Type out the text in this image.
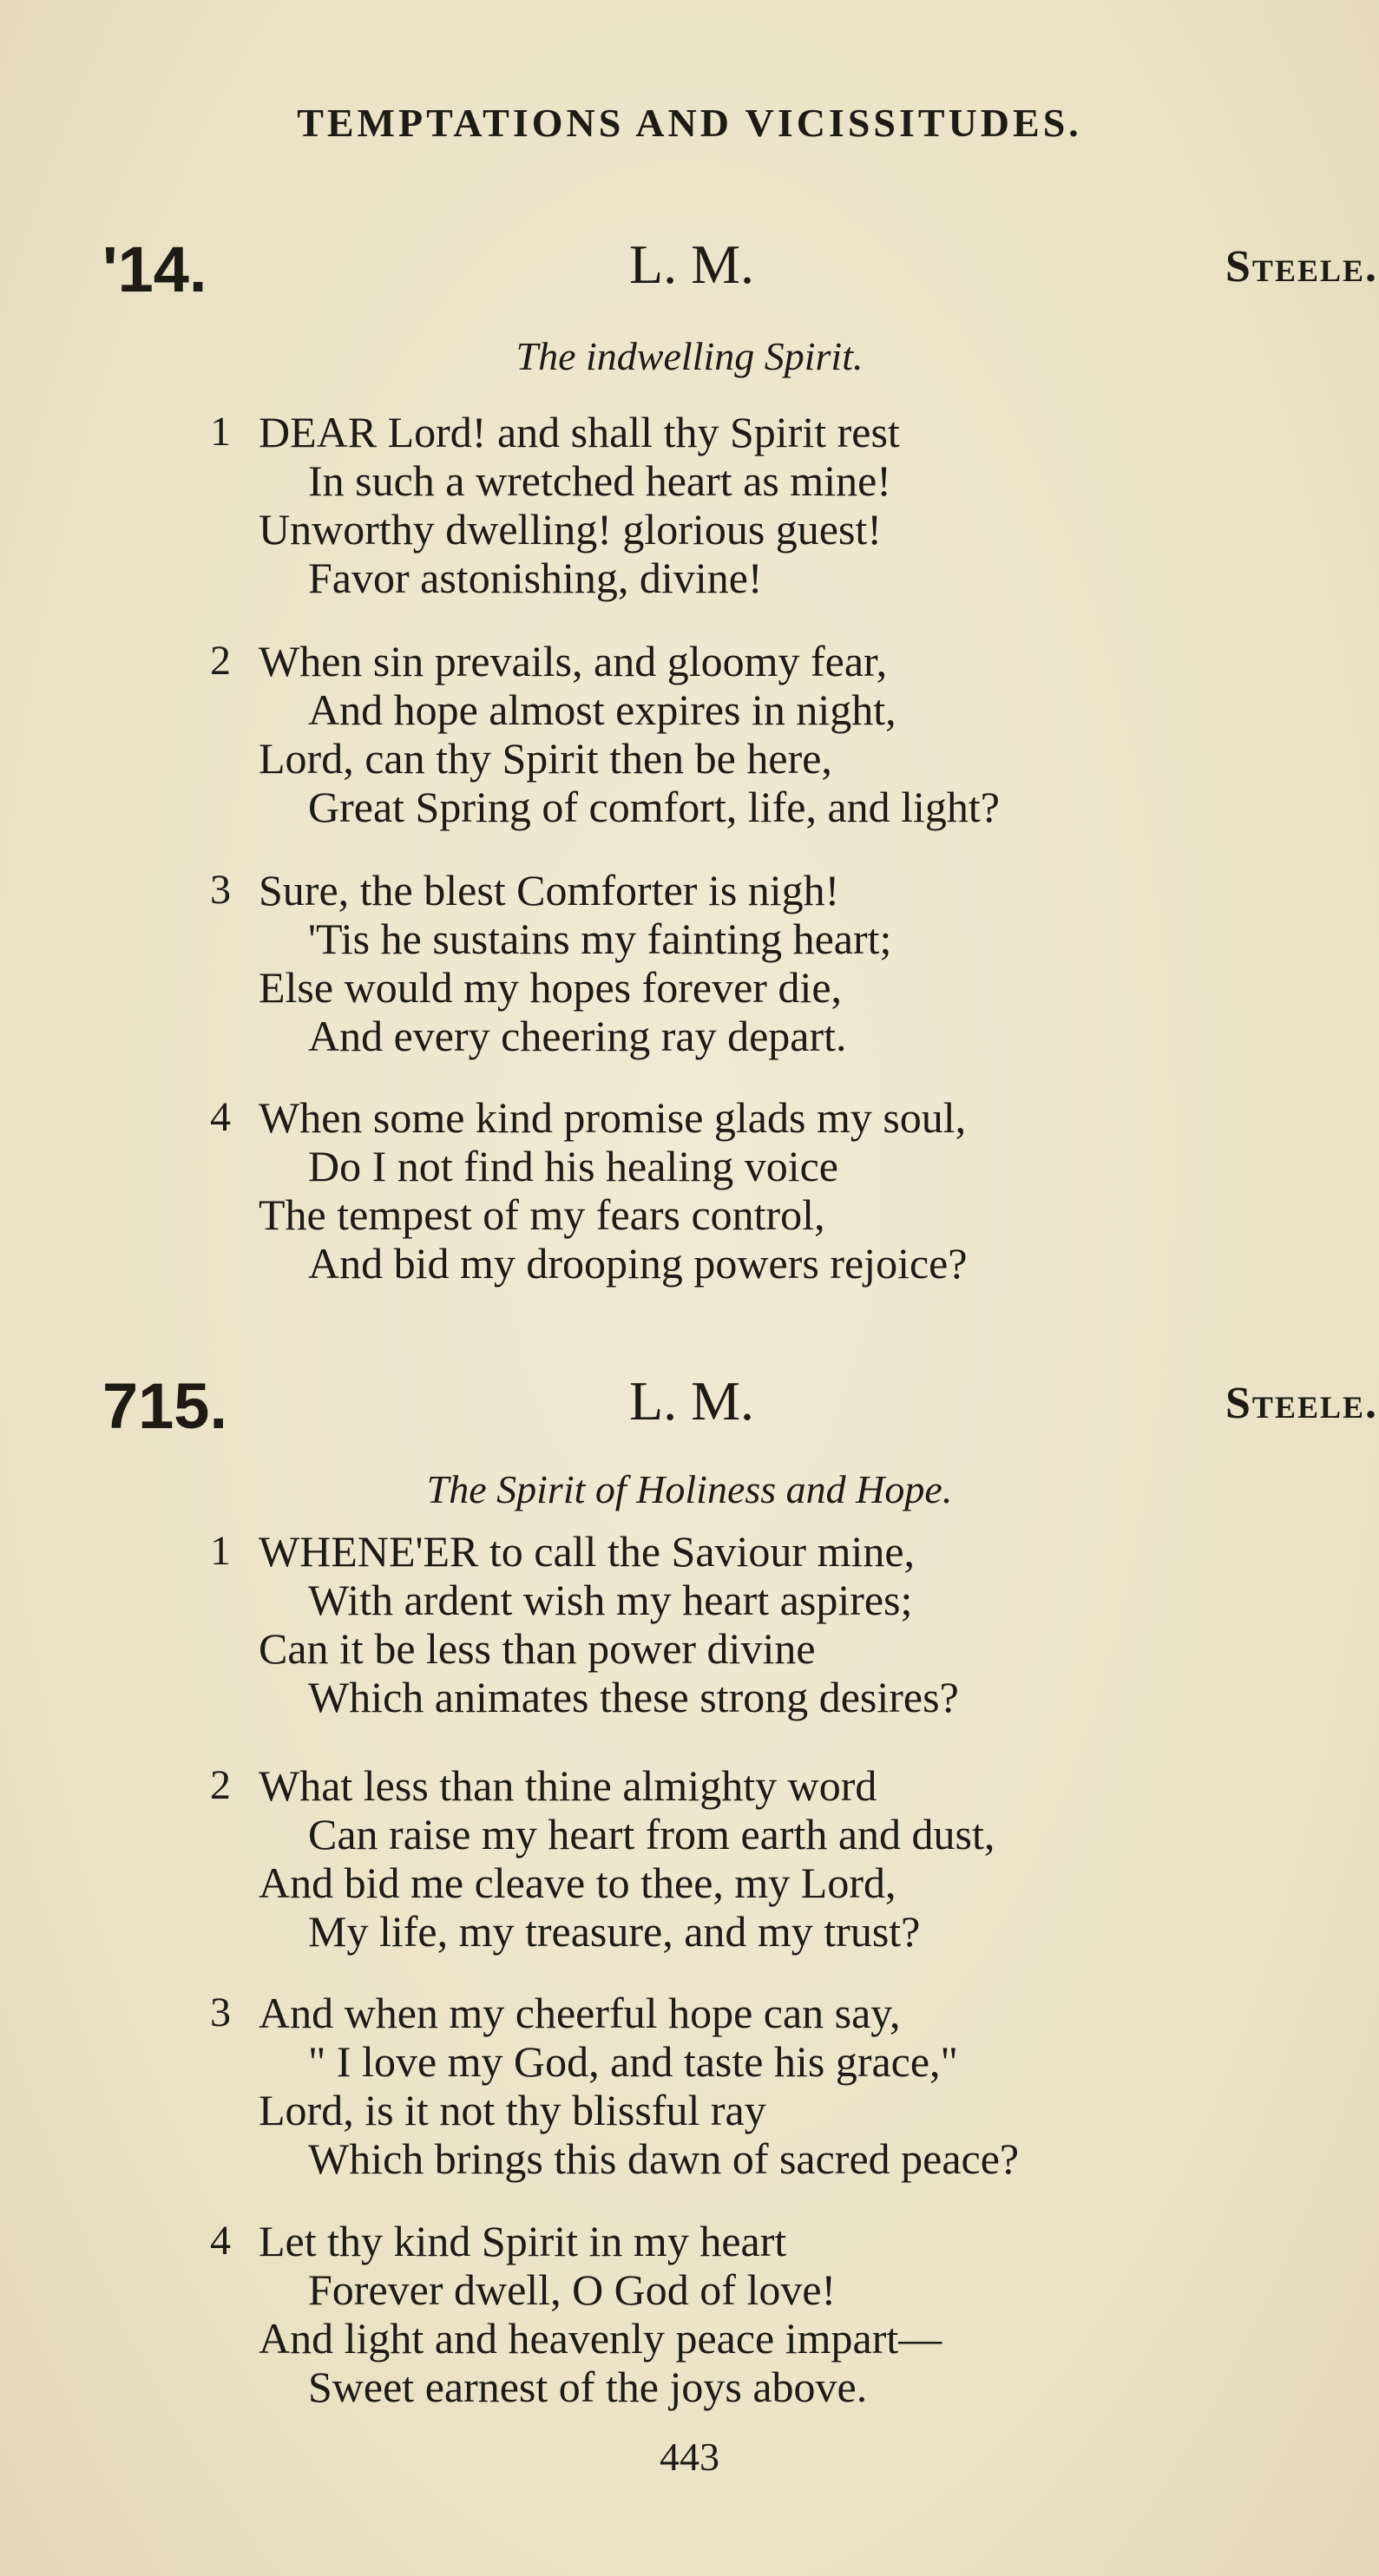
TEMPTATIONS AND VICISSITUDES.
'14.	L. M.	Steele.
The indwelling Spirit.
1 DEAR Lord! and shall thy Spirit rest
In such a wretched heart as mine!
Unworthy dwelling! glorious guest!
Favor astonishing, divine!
2 When sin prevails, and gloomy fear,
And hope almost expires in night,
Lord, can thy Spirit then be here,
Great Spring of comfort, life, and light?
3 Sure, the blest Comforter is nigh!
'Tis he sustains my fainting heart;
Else would my hopes forever die,
And every cheering ray depart.
4 When some kind promise glads my soul,
Do I not find his healing voice
The tempest of my fears control,
And bid my drooping powers rejoice?
715.	L. M.	Steele.
The Spirit of Holiness and Hope.
1 WHENE'ER to call the Saviour mine,
With ardent wish my heart aspires;
Can it be less than power divine
Which animates these strong desires?
2 What less than thine almighty word
Can raise my heart from earth and dust,
And bid me cleave to thee, my Lord,
My life, my treasure, and my trust?
3 And when my cheerful hope can say,
" I love my God, and taste his grace,"
Lord, is it not thy blissful ray
Which brings this dawn of sacred peace?
4 Let thy kind Spirit in my heart
Forever dwell, O God of love!
And light and heavenly peace impart—
Sweet earnest of the joys above.
443
